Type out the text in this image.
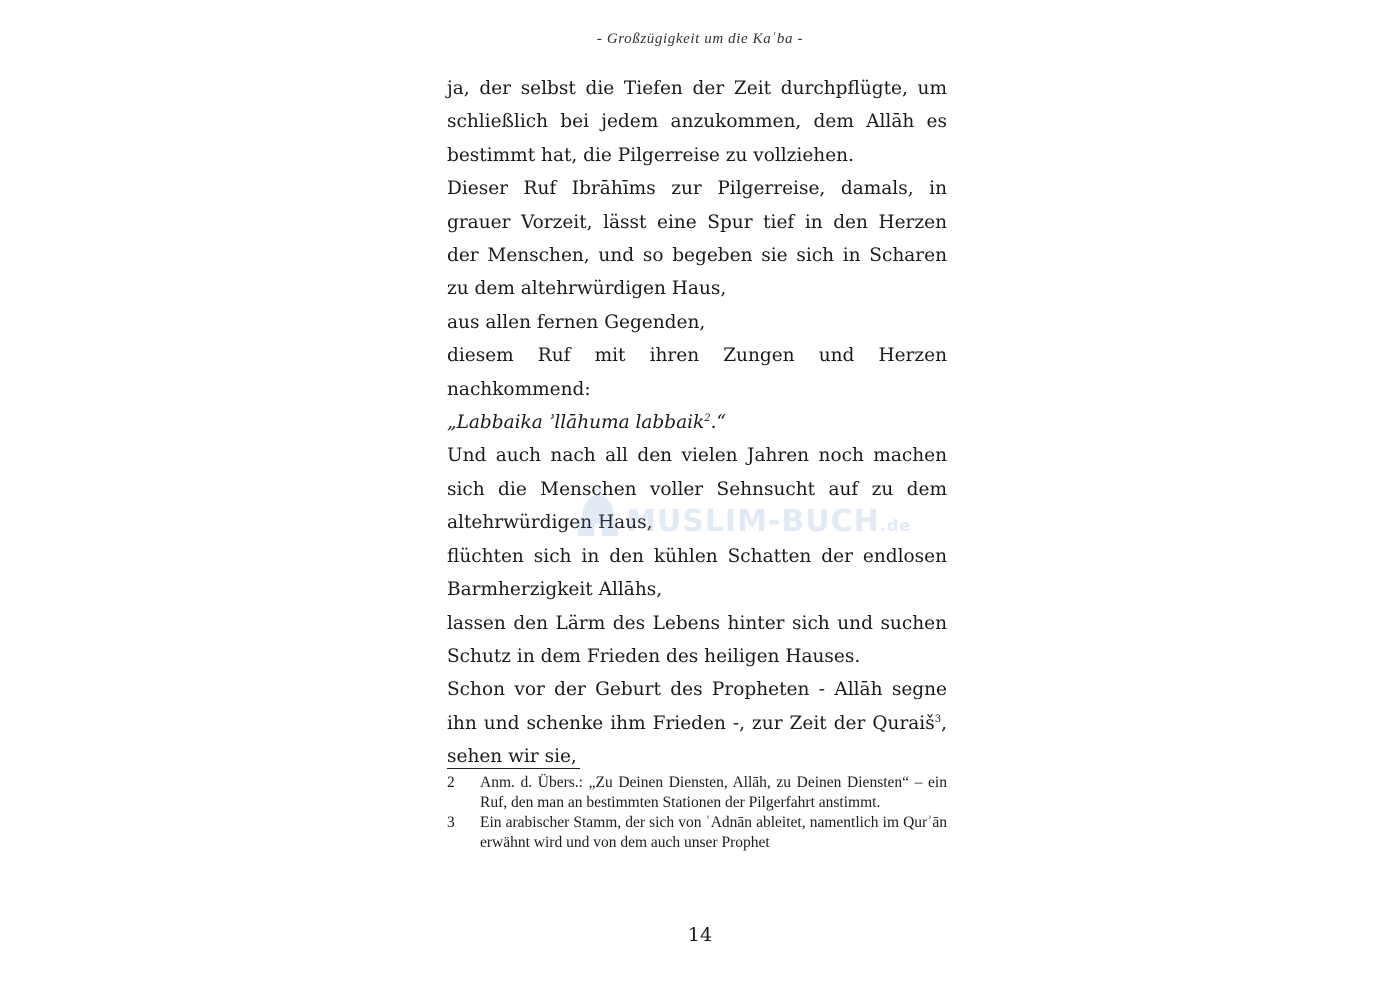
- Großzügigkeit um die Kaʿba -

ja, der selbst die Tiefen der Zeit durchpflügte, um schließlich bei jedem anzukommen, dem Allāh es bestimmt hat, die Pilgerreise zu vollziehen.

Dieser Ruf Ibrāhīms zur Pilgerreise, damals, in grauer Vorzeit, lässt eine Spur tief in den Herzen der Menschen, und so begeben sie sich in Scharen zu dem altehrwürdigen Haus,

aus allen fernen Gegenden,

diesem Ruf mit ihren Zungen und Herzen nachkommend:

„Labbaika ʾllāhuma labbaik$^2$.“

Und auch nach all den vielen Jahren noch machen sich die Menschen voller Sehnsucht auf zu dem altehrwürdigen Haus,

flüchten sich in den kühlen Schatten der endlosen Barmherzigkeit Allāhs,

lassen den Lärm des Lebens hinter sich und suchen Schutz in dem Frieden des heiligen Hauses.

Schon vor der Geburt des Propheten - Allāh segne ihn und schenke ihm Frieden -, zur Zeit der Quraiš$^3$, sehen wir sie,

2	Anm. d. Übers.: „Zu Deinen Diensten, Allāh, zu Deinen Diensten“ – ein Ruf, den man an bestimmten Stationen der Pilgerfahrt anstimmt.
3	Ein arabischer Stamm, der sich von ʿAdnān ableitet, namentlich im Qurʾān erwähnt wird und von dem auch unser Prophet
MUSLIM-BUCH.de
14
